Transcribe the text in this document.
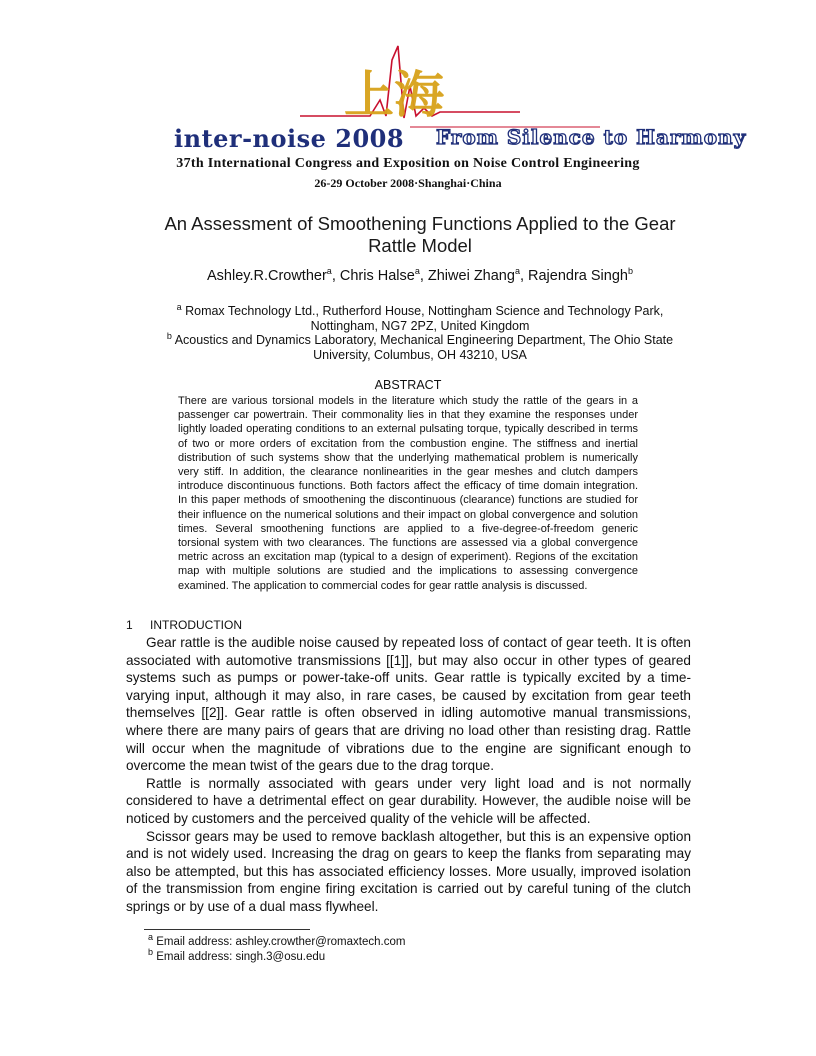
上海
inter-noise 2008 From Silence to Harmony
37th International Congress and Exposition on Noise Control Engineering
26-29 October 2008·Shanghai·China
An Assessment of Smoothening Functions Applied to the Gear Rattle Model
Ashley.R.Crowther$^a$, Chris Halse$^a$, Zhiwei Zhang$^a$, Rajendra Singh$^b$
$^a$ Romax Technology Ltd., Rutherford House, Nottingham Science and Technology Park, Nottingham, NG7 2PZ, United Kingdom
$^b$ Acoustics and Dynamics Laboratory, Mechanical Engineering Department, The Ohio State University, Columbus, OH 43210, USA
ABSTRACT
There are various torsional models in the literature which study the rattle of the gears in a passenger car powertrain. Their commonality lies in that they examine the responses under lightly loaded operating conditions to an external pulsating torque, typically described in terms of two or more orders of excitation from the combustion engine. The stiffness and inertial distribution of such systems show that the underlying mathematical problem is numerically very stiff. In addition, the clearance nonlinearities in the gear meshes and clutch dampers introduce discontinuous functions. Both factors affect the efficacy of time domain integration. In this paper methods of smoothening the discontinuous (clearance) functions are studied for their influence on the numerical solutions and their impact on global convergence and solution times. Several smoothening functions are applied to a five-degree-of-freedom generic torsional system with two clearances. The functions are assessed via a global convergence metric across an excitation map (typical to a design of experiment). Regions of the excitation map with multiple solutions are studied and the implications to assessing convergence examined. The application to commercial codes for gear rattle analysis is discussed.
1 INTRODUCTION

Gear rattle is the audible noise caused by repeated loss of contact of gear teeth. It is often associated with automotive transmissions [[1]], but may also occur in other types of geared systems such as pumps or power-take-off units. Gear rattle is typically excited by a time-varying input, although it may also, in rare cases, be caused by excitation from gear teeth themselves [[2]]. Gear rattle is often observed in idling automotive manual transmissions, where there are many pairs of gears that are driving no load other than resisting drag. Rattle will occur when the magnitude of vibrations due to the engine are significant enough to overcome the mean twist of the gears due to the drag torque.

Rattle is normally associated with gears under very light load and is not normally considered to have a detrimental effect on gear durability. However, the audible noise will be noticed by customers and the perceived quality of the vehicle will be affected.

Scissor gears may be used to remove backlash altogether, but this is an expensive option and is not widely used. Increasing the drag on gears to keep the flanks from separating may also be attempted, but this has associated efficiency losses. More usually, improved isolation of the transmission from engine firing excitation is carried out by careful tuning of the clutch springs or by use of a dual mass flywheel.

$^a$ Email address: ashley.crowther@romaxtech.com
$^b$ Email address: singh.3@osu.edu
